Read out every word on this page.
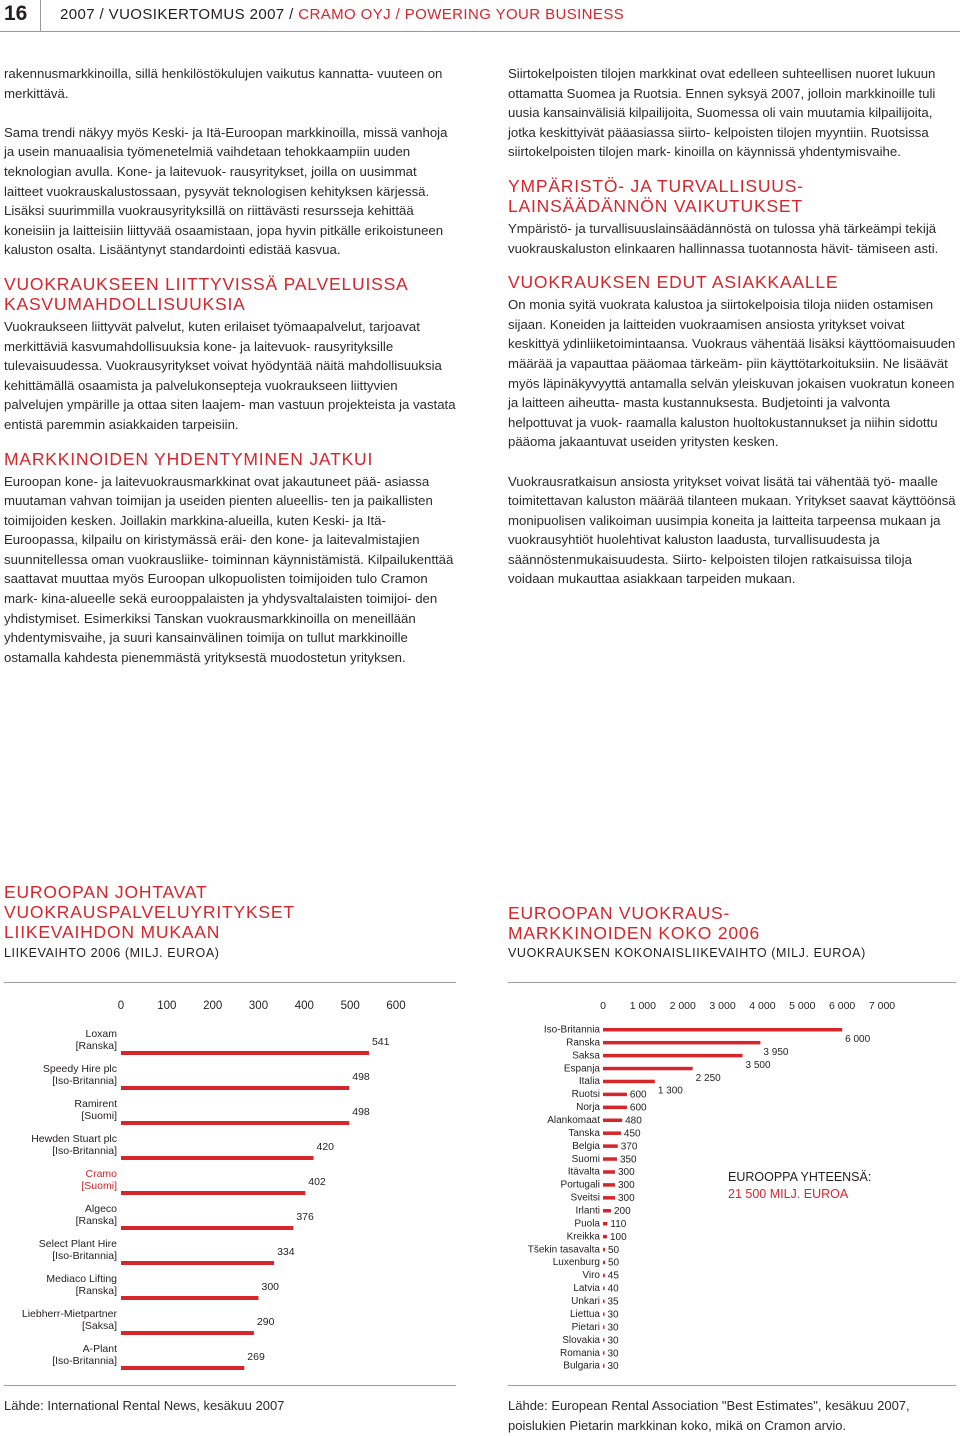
16 2007 / VUOSIKERTOMUS 2007 / CRAMO OYJ / POWERING YOUR BUSINESS

rakennusmarkkinoilla, sillä henkilöstökulujen vaikutus kannatta- vuuteen on merkittävä.

Sama trendi näkyy myös Keski- ja Itä-Euroopan markkinoilla, missä vanhoja ja usein manuaalisia työmenetelmiä vaihdetaan tehokkaampiin uuden teknologian avulla. Kone- ja laitevuok- rausyritykset, joilla on uusimmat laitteet vuokrauskalustossaan, pysyvät teknologisen kehityksen kärjessä. Lisäksi suurimmilla vuokrausyrityksillä on riittävästi resursseja kehittää koneisiin ja laitteisiin liittyvää osaamistaan, jopa hyvin pitkälle erikoistuneen kaluston osalta. Lisääntynyt standardointi edistää kasvua.

VUOKRAUKSEEN LIITTYVISSÄ PALVELUISSA KASVUMAHDOLLISUUKSIA

Vuokraukseen liittyvät palvelut, kuten erilaiset työmaapalvelut, tarjoavat merkittäviä kasvumahdollisuuksia kone- ja laitevuok- rausyrityksille tulevaisuudessa. Vuokrausyritykset voivat hyödyntää näitä mahdollisuuksia kehittämällä osaamista ja palvelukonsepteja vuokraukseen liittyvien palvelujen ympärille ja ottaa siten laajem- man vastuun projekteista ja vastata entistä paremmin asiakkaiden tarpeisiin.

MARKKINOIDEN YHDENTYMINEN JATKUI

Euroopan kone- ja laitevuokrausmarkkinat ovat jakautuneet pää- asiassa muutaman vahvan toimijan ja useiden pienten alueellis- ten ja paikallisten toimijoiden kesken. Joillakin markkina-alueilla, kuten Keski- ja Itä-Euroopassa, kilpailu on kiristymässä eräi- den kone- ja laitevalmistajien suunnitellessa oman vuokrausliike- toiminnan käynnistämistä. Kilpailukenttää saattavat muuttaa myös Euroopan ulkopuolisten toimijoiden tulo Cramon mark- kina-alueelle sekä eurooppalaisten ja yhdysvaltalaisten toimijoi- den yhdistymiset. Esimerkiksi Tanskan vuokrausmarkkinoilla on meneillään yhdentymisvaihe, ja suuri kansainvälinen toimija on tullut markkinoille ostamalla kahdesta pienemmästä yrityksestä muodostetun yrityksen.

Siirtokelpoisten tilojen markkinat ovat edelleen suhteellisen nuoret lukuun ottamatta Suomea ja Ruotsia. Ennen syksyä 2007, jolloin markkinoille tuli uusia kansainvälisiä kilpailijoita, Suomessa oli vain muutamia kilpailijoita, jotka keskittyivät pääasiassa siirto- kelpoisten tilojen myyntiin. Ruotsissa siirtokelpoisten tilojen mark- kinoilla on käynnissä yhdentymisvaihe.

YMPÄRISTÖ- JA TURVALLISUUS- LAINSÄÄDÄNNÖN VAIKUTUKSET

Ympäristö- ja turvallisuuslainsäädännöstä on tulossa yhä tärkeämpi tekijä vuokrauskaluston elinkaaren hallinnassa tuotannosta hävit- tämiseen asti.

VUOKRAUKSEN EDUT ASIAKKAALLE

On monia syitä vuokrata kalustoa ja siirtokelpoisia tiloja niiden ostamisen sijaan. Koneiden ja laitteiden vuokraamisen ansiosta yritykset voivat keskittyä ydinliiketoimintaansa. Vuokraus vähentää lisäksi käyttöomaisuuden määrää ja vapauttaa pääomaa tärkeäm- piin käyttötarkoituksiin. Ne lisäävät myös läpinäkyvyyttä antamalla selvän yleiskuvan jokaisen vuokratun koneen ja laitteen aiheutta- masta kustannuksesta. Budjetointi ja valvonta helpottuvat ja vuok- raamalla kaluston huoltokustannukset ja niihin sidottu pääoma jakaantuvat useiden yritysten kesken.

Vuokrausratkaisun ansiosta yritykset voivat lisätä tai vähentää työ- maalle toimitettavan kaluston määrää tilanteen mukaan. Yritykset saavat käyttöönsä monipuolisen valikoiman uusimpia koneita ja laitteita tarpeensa mukaan ja vuokrausyhtiöt huolehtivat kaluston laadusta, turvallisuudesta ja säännöstenmukaisuudesta. Siirto- kelpoisten tilojen ratkaisuissa tiloja voidaan mukauttaa asiakkaan tarpeiden mukaan.

EUROOPAN JOHTAVAT VUOKRAUSPALVELUYRITYKSET LIIKEVAIHDON MUKAAN
LIIKEVAIHTO 2006 (MILJ. EUROA)
0	100 200 300 400 500 600
Loxam
[Ranska]	541
Speedy Hire plc
[Iso-Britannia]	498
Ramirent
[Suomi]	498
Hewden Stuart plc
[Iso-Britannia]	420
Cramo
[Suomi]	402
Algeco
[Ranska]	376
Select Plant Hire
[Iso-Britannia]	334
Mediaco Lifting
[Ranska]	300
Liebherr-Mietpartner
[Saksa]	290
A-Plant
[Iso-Britannia]	269
Lähde: International Rental News, kesäkuu 2007
EUROOPAN VUOKRAUS- MARKKINOIDEN KOKO 2006
VUOKRAUKSEN KOKONAISLIIKEVAIHTO (MILJ. EUROA)
0 1 000 2 000 3 000 4 000 5 000 6 000 7 000
Iso-Britannia
6 000
Ranska
3 950
Saksa
3 500
Espanja
2 250
Italia
1 300
Ruotsi	600
Norja	600
Alankomaat	480
Tanska 450
Belgia 370
Suomi 350
Itävalta 300
Portugali 300
Sveitsi 300
Irlanti 200
Puola 110
Kreikka 100
Tšekin tasavalta 50
Luxenburg 50
Viro 45
Latvia 40
Unkari 35
Liettua 30
Pietari 30
Slovakia 30
Romania 30
Bulgaria 30
EUROOPPA YHTEENSÄ:
21 500 MILJ. EUROA
Lähde: European Rental Association "Best Estimates", kesäkuu 2007,
poislukien Pietarin markkinan koko, mikä on Cramon arvio.
